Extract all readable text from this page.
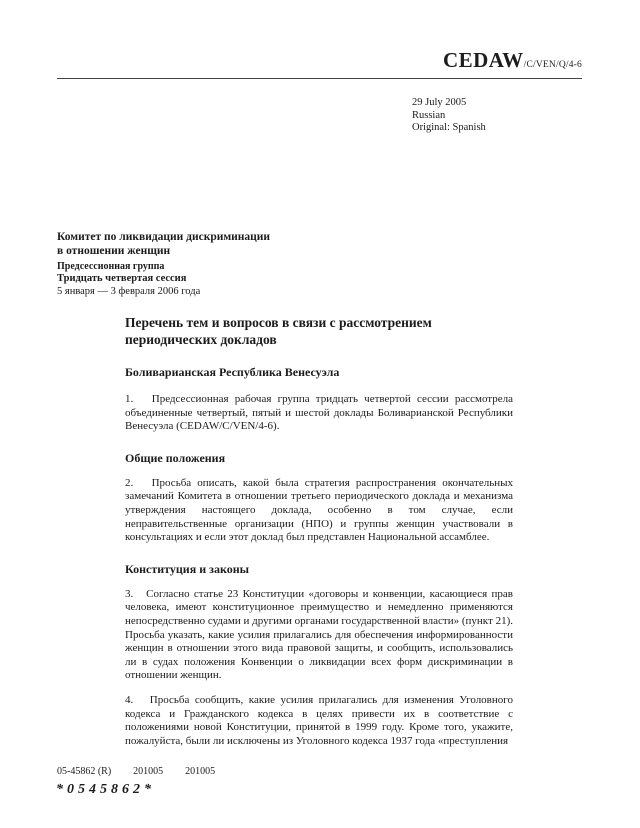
CEDAW/C/VEN/Q/4-6
29 July 2005
Russian
Original: Spanish
Комитет по ликвидации дискриминации
в отношении женщин
Предсессионная группа
Тридцать четвертая сессия
5 января — 3 февраля 2006 года
Перечень тем и вопросов в связи с рассмотрением периодических докладов
Боливарианская Республика Венесуэла

1.   Предсессионная рабочая группа тридцать четвертой сессии рассмотрела объединенные четвертый, пятый и шестой доклады Боливарианской Республики Венесуэла (CEDAW/C/VEN/4-6).

Общие положения

2.   Просьба описать, какой была стратегия распространения окончательных замечаний Комитета в отношении третьего периодического доклада и механизма утверждения настоящего доклада, особенно в том случае, если неправительственные организации (НПО) и группы женщин участвовали в консультациях и если этот доклад был представлен Национальной ассамблее.

Конституция и законы

3.   Согласно статье 23 Конституции «договоры и конвенции, касающиеся прав человека, имеют конституционное преимущество и немедленно применяются непосредственно судами и другими органами государственной власти» (пункт 21). Просьба указать, какие усилия прилагались для обеспечения информированности женщин в отношении этого вида правовой защиты, и сообщить, использовались ли в судах положения Конвенции о ликвидации всех форм дискриминации в отношении женщин.

4.   Просьба сообщить, какие усилия прилагались для изменения Уголовного кодекса и Гражданского кодекса в целях привести их в соответствие с положениями новой Конституции, принятой в 1999 году. Кроме того, укажите, пожалуйста, были ли исключены из Уголовного кодекса 1937 года «преступления

05-45862 (R) 201005 201005
*0545862*
